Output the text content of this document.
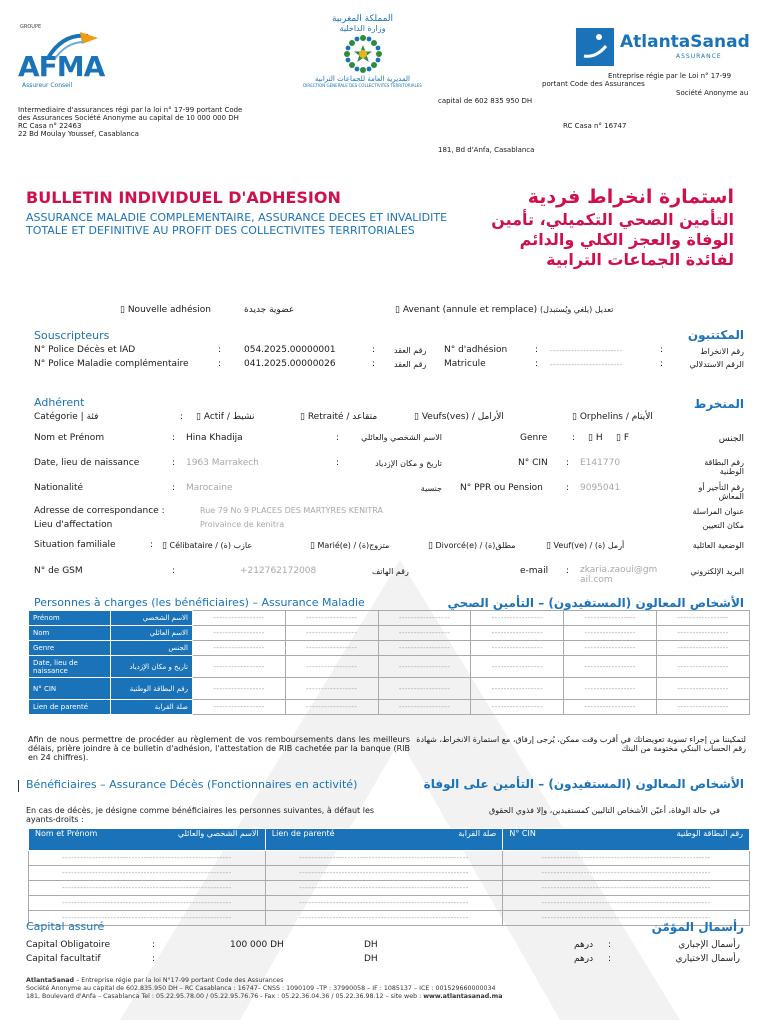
GROUPE
AFMA
Assureur Conseil
المملكة المغربية
وزارة الداخلية
المديرية العامة للجماعات الترابية
DIRECTION GENERALE DES COLLECTIVITES TERRITORIALES
AtlantaSanad
ASSURANCE
Intermediaire d'assurances régi par la loi n° 17-99 portant Code
des Assurances Société Anonyme au capital de 10 000 000 DH
RC Casa n° 22463
22 Bd Moulay Youssef, Casablanca
Entreprise régie par le Loi n° 17-99
portant Code des Assurances
Société Anonyme au
capital de 602 835 950 DH
RC Casa n° 16747
181, Bd d'Anfa, Casablanca
BULLETIN INDIVIDUEL D'ADHESION
ASSURANCE MALADIE COMPLEMENTAIRE, ASSURANCE DECES ET INVALIDITE TOTALE ET DEFINITIVE AU PROFIT DES COLLECTIVITES TERRITORIALES
استمارة انخراط فردية
التأمين الصحي التكميلي، تأمين الوفاة والعجز الكلي والدائم لفائدة الجماعات الترابية
▯ Nouvelle adhésion	عضوية جديدة	▯ Avenant (annule et remplace) تعديل (يلغي ويُستبدل)
Souscripteurs	المكتتبون
N° Police Décès et IAD	:	054.2025.00000001	: رقم العقد N° d'adhésion	: ------------------------	:	رقم الانخراط
N° Police Maladie complémentaire	:	041.2025.00000026	: رقم العقد Matricule	: ------------------------	:	الرقم الاستدلالي
Adhérent	المنخرط
Catégorie | فئة	: ▯ Actif / نشيط	▯ Retraité / متقاعد	▯ Veufs(ves) / الأرامل	▯ Orphelins / الأيتام
Nom et Prénom	: Hina Khadija	:	الاسم الشخصي والعائلي	Genre	: ▯ H ▯ F	الجنس
Date, lieu de naissance	: 1963 Marrakech	:	تاريخ و مكان الإزدياد	N° CIN : E141770	رقم البطاقة الوطنية
Nationalité	: Marocaine	جنسية N° PPR ou Pension	: 9095041	رقم التأجير أو المعاش
Adresse de correspondance :	Rue 79 No 9 PLACES DES MARTYRES KENITRA	عنوان المراسلة
Lieu d'affectation	Proivaince de kenitra	مكان التعيين
Situation familiale	: ▯ Célibataire / (ة) عازب	▯ Marié(e) / (ة)متزوج	▯ Divorcé(e) / (ة)مطلق	▯ Veuf(ve) / (ة) أرمل	الوضعية العائلية
N° de GSM	:	+212762172008	رقم الهاتف	e-mail : zkaria.zaoui@gmail.com
البريد الإلكتروني
Personnes à charges (les bénéficiaires) – Assurance Maladie	الأشخاص المعالون (المستفيدون) – التأمين الصحي
Prénom	الاسم الشخصي	-----------------	-----------------	-----------------	-----------------	-----------------	-----------------
Nom	الاسم العائلي	-----------------	-----------------	-----------------	-----------------	-----------------	-----------------
Genre	الجنس	-----------------	-----------------	-----------------	-----------------	-----------------	-----------------
Date, lieu de naissance	تاريخ و مكان الإزدياد	-----------------	-----------------	-----------------	-----------------	-----------------	-----------------
N° CIN	رقم البطاقة الوطنية	-----------------	-----------------	-----------------	-----------------	-----------------	-----------------
Lien de parenté	صلة القرابة	-----------------	-----------------	-----------------	-----------------	-----------------	-----------------
Afin de nous permettre de procéder au règlement de vos remboursements dans les meilleurs délais, prière joindre à ce bulletin d'adhésion, l'attestation de RIB cachetée par la banque (RIB en 24 chiffres).
لتمكيننا من إجراء تسوية تعويضاتك في أقرب وقت ممكن، يُرجى إرفاق، مع استمارة الانخراط، شهادة رقم الحساب البنكي مختومة من البنك
Bénéficiaires – Assurance Décès (Fonctionnaires en activité)	الأشخاص المعالون (المستفيدون) – التأمين على الوفاة
En cas de décès, je désigne comme bénéficiaires les personnes suivantes, à défaut les ayants-droits :
في حالة الوفاة، أعيّن الأشخاص التاليين كمستفيدين، وإلا فذوي الحقوق
Nom et Prénom الاسم الشخصي والعائلي	Lien de parenté صلة القرابة	N° CIN رقم البطاقة الوطنية

--------------------------------------------------------	--------------------------------------------------------	--------------------------------------------------------
--------------------------------------------------------	--------------------------------------------------------	--------------------------------------------------------
--------------------------------------------------------	--------------------------------------------------------	--------------------------------------------------------
--------------------------------------------------------	--------------------------------------------------------	--------------------------------------------------------
--------------------------------------------------------	--------------------------------------------------------	--------------------------------------------------------
Capital assuré	رأسمال المؤمّن
Capital Obligatoire	:	100 000 DH	DH	درهم :	رأسمال الإجباري
Capital facultatif	:	DH	درهم :	رأسمال الاختياري
AtlantaSanad – Entreprise régie par la loi N°17-99 portant Code des Assurances
Société Anonyme au capital de 602.835.950 DH – RC Casablanca : 16747– CNSS : 1090109 –TP : 37990058 – IF : 1085137 – ICE : 001529660000034
181, Boulevard d'Anfa – Casablanca Tel : 05.22.95.78.00 / 05.22.95.76.76 - Fax : 05.22.36.04.36 / 05.22.36.98.12 – site web : www.atlantasanad.ma
